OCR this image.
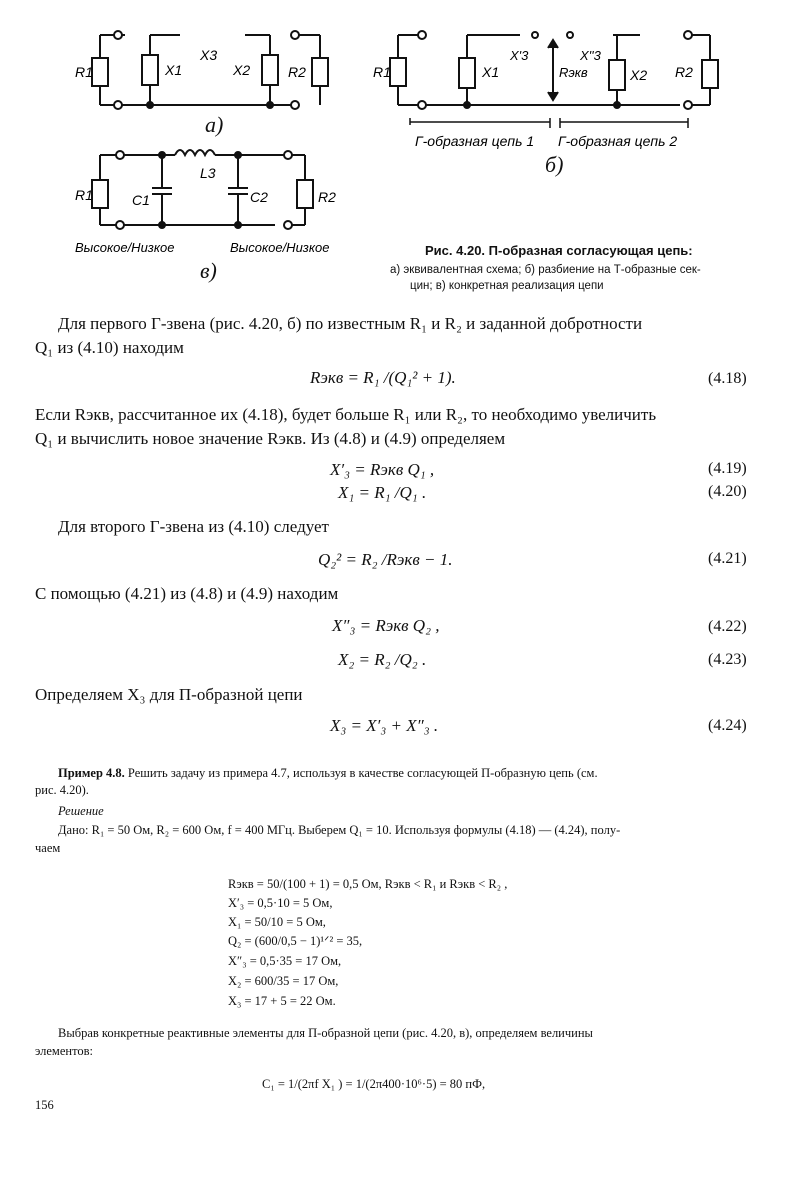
R1	X1
X3
X2	R2
a)
R1	X1
X'3
Rэкв
X''3
X2 R2
Г-образная цепь 1 Г-образная цепь 2
б)
R1	C1
L3
C2	R2
Высокое/Низкое	Высокое/Низкое
в)
Рис. 4.20. П-образная согласующая цепь:
а) эквивалентная схема; б) разбиение на Т-образные сек-
цин; в) конкретная реализация цепи
Для первого Г-звена (рис. 4.20, б) по известным R₁ и R₂ и заданной добротности
Q₁ из (4.10) находим
Rэкв = R₁ /(Q₁² + 1).	(4.18)
Если Rэкв, рассчитанное их (4.18), будет больше R₁ или R₂, то необходимо увеличить
Q₁ и вычислить новое значение Rэкв. Из (4.8) и (4.9) определяем
X′₃ = Rэкв Q₁ ,	(4.19)
X₁ = R₁ /Q₁ .	(4.20)
Для второго Г-звена из (4.10) следует
Q₂² = R₂ /Rэкв − 1.	(4.21)
С помощью (4.21) из (4.8) и (4.9) находим
X″₃ = Rэкв Q₂ ,	(4.22)
X₂ = R₂ /Q₂ .	(4.23)
Определяем X₃ для П-образной цепи
X₃ = X′₃ + X″₃ .	(4.24)
Пример 4.8. Решить задачу из примера 4.7, используя в качестве согласующей П-образную цепь (см.
рис. 4.20).
Решение
Дано: R₁ = 50 Ом, R₂ = 600 Ом, f = 400 МГц. Выберем Q₁ = 10. Используя формулы (4.18) — (4.24), полу-
чаем
Rэкв = 50/(100 + 1) = 0,5 Ом, Rэкв < R₁ и Rэкв < R₂ ,
X′₃ = 0,5·10 = 5 Ом,
X₁ = 50/10 = 5 Ом,
Q₂ = (600/0,5 − 1)¹ᐟ² = 35,
X″₃ = 0,5·35 = 17 Ом,
X₂ = 600/35 = 17 Ом,
X₃ = 17 + 5 = 22 Ом.
Выбрав конкретные реактивные элементы для П-образной цепи (рис. 4.20, в), определяем величины
элементов:
C₁ = 1/(2πf X₁ ) = 1/(2π400·10⁶·5) = 80 пФ,
156
